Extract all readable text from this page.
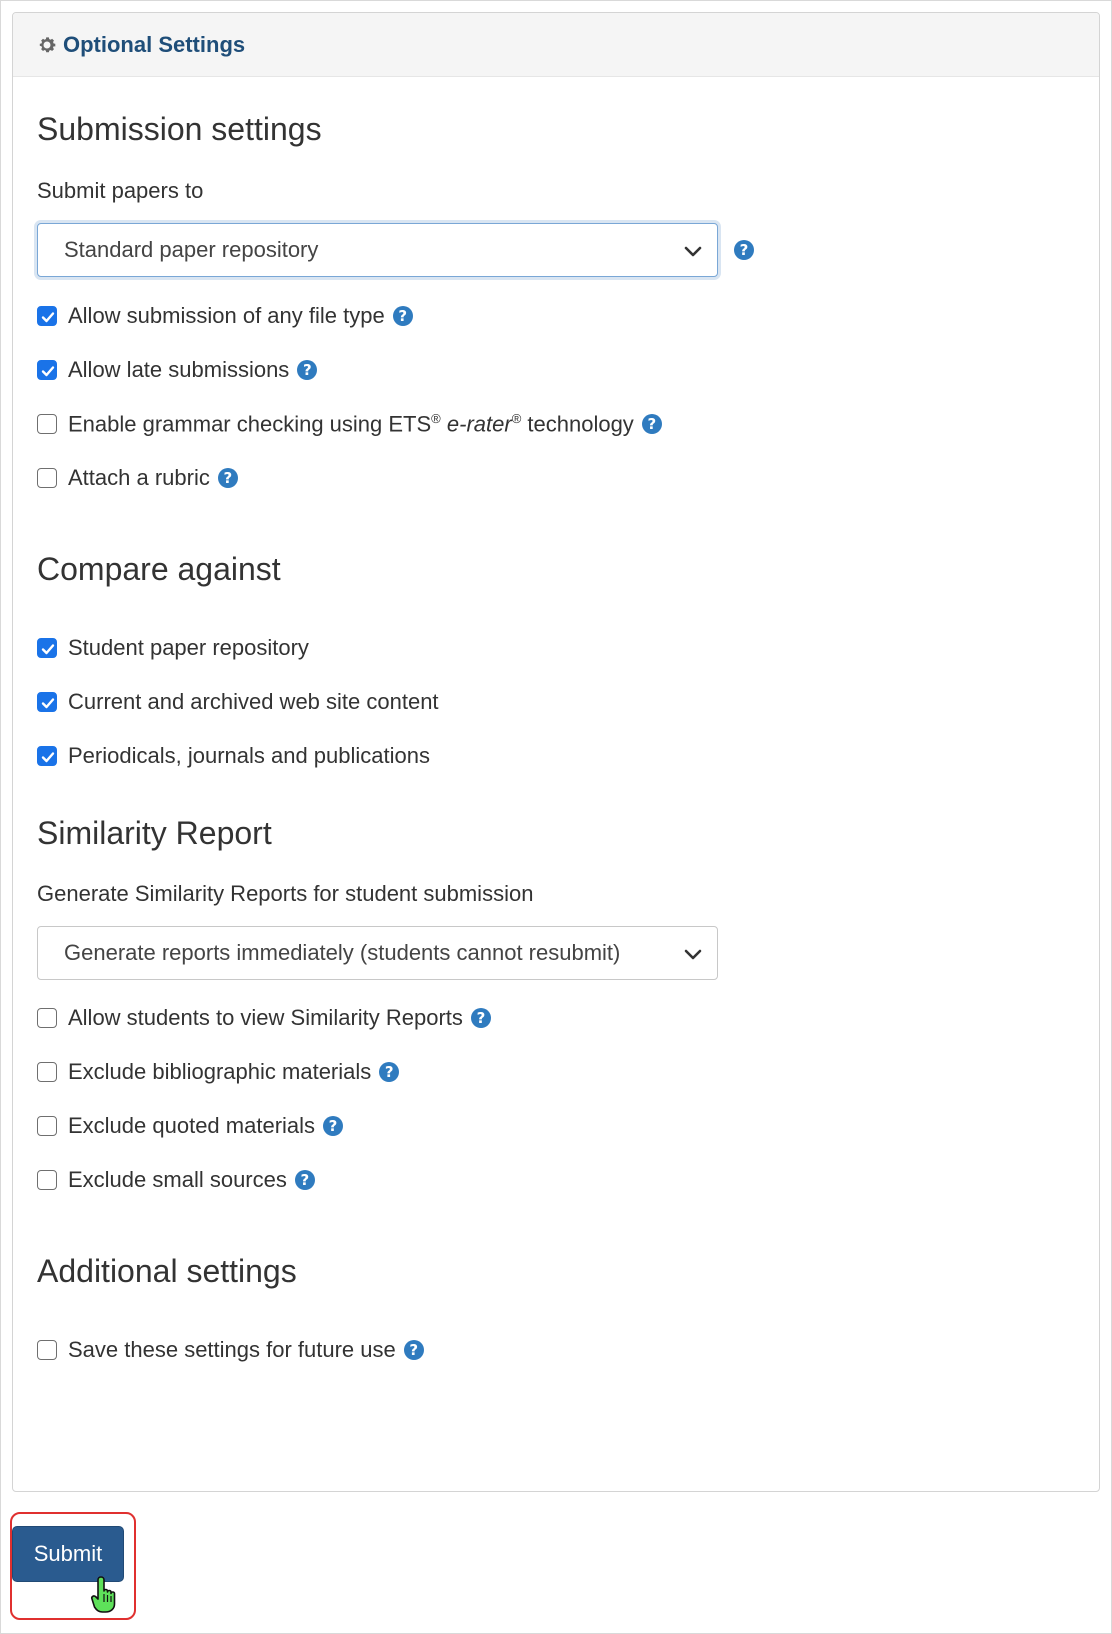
Optional Settings
Submission settings
Submit papers to
Standard paper repository	?
Allow submission of any file type ?
Allow late submissions ?
Enable grammar checking using ETS® e-rater® technology ?
Attach a rubric ?
Compare against
Student paper repository
Current and archived web site content
Periodicals, journals and publications
Similarity Report
Generate Similarity Reports for student submission
Generate reports immediately (students cannot resubmit)
Allow students to view Similarity Reports ?
Exclude bibliographic materials ?
Exclude quoted materials ?
Exclude small sources ?
Additional settings
Save these settings for future use ?
Submit
